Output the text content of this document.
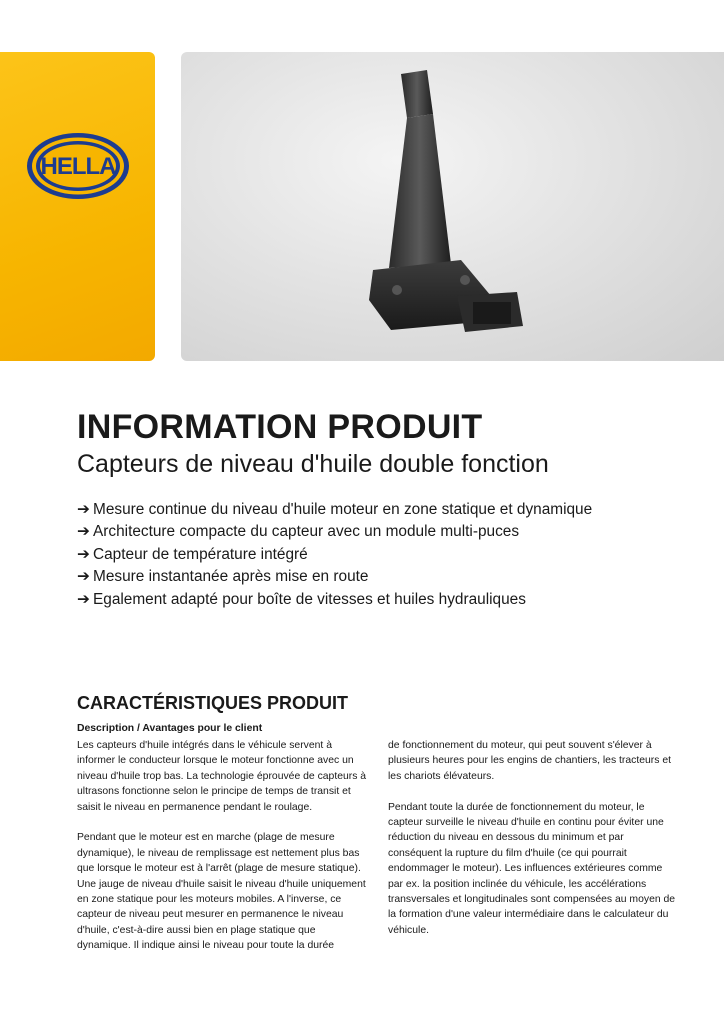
HELLA
INFORMATION PRODUIT
Capteurs de niveau d'huile double fonction
➔ Mesure continue du niveau d'huile moteur en zone statique et dynamique
➔ Architecture compacte du capteur avec un module multi-puces
➔ Capteur de température intégré
➔ Mesure instantanée après mise en route
➔ Egalement adapté pour boîte de vitesses et huiles hydrauliques
CARACTÉRISTIQUES PRODUIT
Description / Avantages pour le client

Les capteurs d'huile intégrés dans le véhicule servent à informer le conducteur lorsque le moteur fonctionne avec un niveau d'huile trop bas. La technologie éprouvée de capteurs à ultrasons fonctionne selon le principe de temps de transit et saisit le niveau en permanence pendant le roulage.

Pendant que le moteur est en marche (plage de mesure dynamique), le niveau de remplissage est nettement plus bas que lorsque le moteur est à l'arrêt (plage de mesure statique). Une jauge de niveau d'huile saisit le niveau d'huile uniquement en zone statique pour les moteurs mobiles. A l'inverse, ce capteur de niveau peut mesurer en permanence le niveau d'huile, c'est-à-dire aussi bien en plage statique que dynamique. Il indique ainsi le niveau pour toute la durée

de fonctionnement du moteur, qui peut souvent s'élever à plusieurs heures pour les engins de chantiers, les tracteurs et les chariots élévateurs.

Pendant toute la durée de fonctionnement du moteur, le capteur surveille le niveau d'huile en continu pour éviter une réduction du niveau en dessous du minimum et par conséquent la rupture du film d'huile (ce qui pourrait endommager le moteur). Les influences extérieures comme par ex. la position inclinée du véhicule, les accélérations transversales et longitudinales sont compensées au moyen de la formation d'une valeur intermédiaire dans le calculateur du véhicule.
